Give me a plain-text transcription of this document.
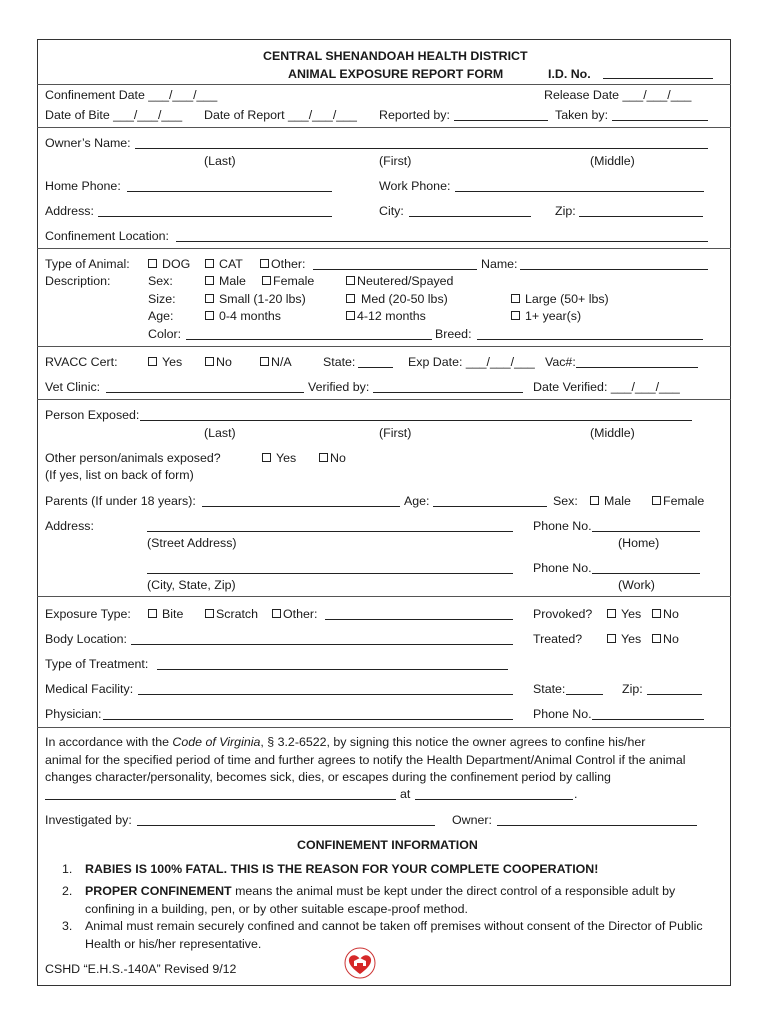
CENTRAL SHENANDOAH HEALTH DISTRICT
ANIMAL EXPOSURE REPORT FORM	I.D. No.
Confinement Date ___/___/___	Release Date ___/___/___
Date of Bite ___/___/___ Date of Report ___/___/___ Reported by:	Taken by:
Owner’s Name:
(Last)	(First)	(Middle)
Home Phone:	Work Phone:
Address:	City:	Zip:
Confinement Location:
Type of Animal:	DOG CAT Other:	Name:
Description:	Sex:	Male Female	Neutered/Spayed
Size:	Small (1-20 lbs)	Med (20-50 lbs)	Large (50+ lbs)
Age:	0-4 months	4-12 months	1+ year(s)
Color:	Breed:
RVACC Cert:	Yes	No	N/A	State:	Exp Date: ___/___/___ Vac#:
Vet Clinic:	Verified by:	Date Verified: ___/___/___
Person Exposed:
(Last)	(First)	(Middle)
Other person/animals exposed?	Yes	No
(If yes, list on back of form)
Parents (If under 18 years):	Age:	Sex: Male	Female
Address:	Phone No.
(Street Address)	(Home)
Phone No.
(City, State, Zip)	(Work)
Exposure Type:	Bite	Scratch Other:	Provoked? Yes No
Body Location:	Treated?	Yes No
Type of Treatment:
Medical Facility:	State:	Zip:
Physician:	Phone No.
In accordance with the Code of Virginia, § 3.2-6522, by signing this notice the owner agrees to confine his/her
animal for the specified period of time and further agrees to notify the Health Department/Animal Control if the animal
changes character/personality, becomes sick, dies, or escapes during the confinement period by calling
at	.
Investigated by:	Owner:
CONFINEMENT INFORMATION
1. RABIES IS 100% FATAL. THIS IS THE REASON FOR YOUR COMPLETE COOPERATION!
2. PROPER CONFINEMENT means the animal must be kept under the direct control of a responsible adult by
confining in a building, pen, or by other suitable escape-proof method.
3. Animal must remain securely confined and cannot be taken off premises without consent of the Director of Public
Health or his/her representative.
CSHD “E.H.S.-140A” Revised 9/12
